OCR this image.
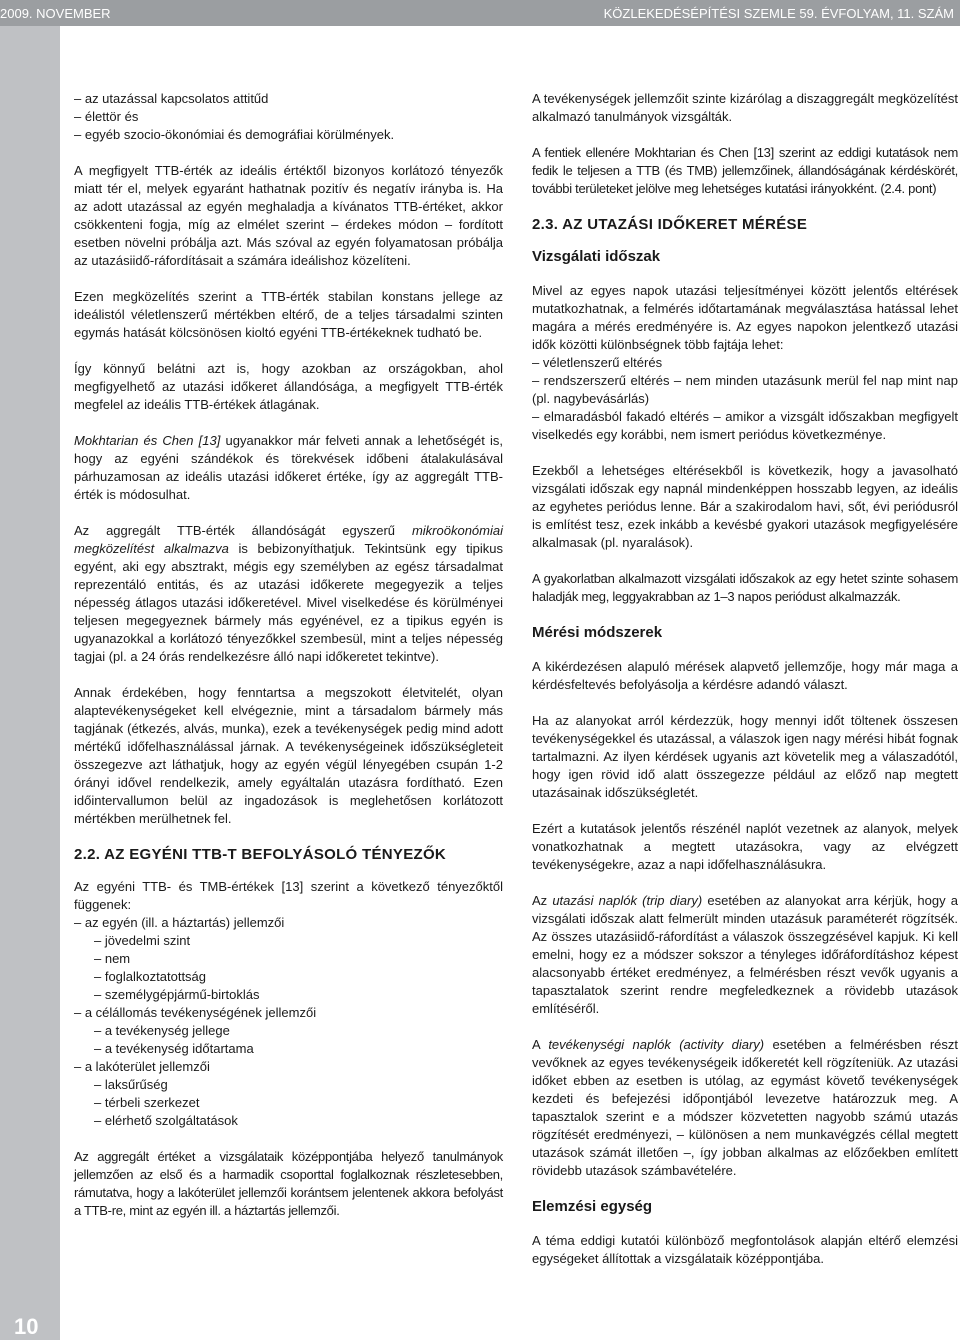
2009. NOVEMBER	KÖZLEKEDÉSÉPÍTÉSI SZEMLE 59. ÉVFOLYAM, 11. SZÁM
10
– az utazással kapcsolatos attitűd
– élettör és
– egyéb szocio-ökonómiai és demográfiai körülmények.

A megfigyelt TTB-érték az ideális értéktől bizonyos korlátozó tényezők miatt tér el, melyek egyaránt hathatnak pozitív és negatív irányba is. Ha az adott utazással az egyén meghaladja a kívánatos TTB-értéket, akkor csökkenteni fogja, míg az elmélet szerint – érdekes módon – fordított esetben növelni próbálja azt. Más szóval az egyén folyamatosan próbálja az utazásiidő-ráfordításait a számára ideálishoz közelíteni.

Ezen megközelítés szerint a TTB-érték stabilan konstans jellege az ideálistól véletlenszerű mértékben eltérő, de a teljes társadalmi szinten egymás hatását kölcsönösen kioltó egyéni TTB-értékeknek tudható be.

Így könnyű belátni azt is, hogy azokban az országokban, ahol megfigyelhető az utazási időkeret állandósága, a megfigyelt TTB-érték megfelel az ideális TTB-értékek átlagának.

Mokhtarian és Chen [13] ugyanakkor már felveti annak a lehetőségét is, hogy az egyéni szándékok és törekvések időbeni átalakulásával párhuzamosan az ideális utazási időkeret értéke, így az aggregált TTB-érték is módosulhat.

Az aggregált TTB-érték állandóságát egyszerű mikroökonómiai megközelítést alkalmazva is bebizonyíthatjuk. Tekintsünk egy tipikus egyént, aki egy absztrakt, mégis egy személyben az egész társadalmat reprezentáló entitás, és az utazási időkerete megegyezik a teljes népesség átlagos utazási időkeretével. Mivel viselkedése és körülményei teljesen megegyeznek bármely más egyénével, ez a tipikus egyén is ugyanazokkal a korlátozó tényezőkkel szembesül, mint a teljes népesség tagjai (pl. a 24 órás rendelkezésre álló napi időkeretet tekintve).

Annak érdekében, hogy fenntartsa a megszokott életvitelét, olyan alaptevékenységeket kell elvégeznie, mint a társadalom bármely más tagjának (étkezés, alvás, munka), ezek a tevékenységek pedig mind adott mértékű időfelhasználással járnak. A tevékenységeinek időszükségleteit összegezve azt láthatjuk, hogy az egyén végül lényegében csupán 1-2 órányi idővel rendelkezik, amely egyáltalán utazásra fordítható. Ezen időintervallumon belül az ingadozások is meglehetősen korlátozott mértékben merülhetnek fel.

2.2. AZ EGYÉNI TTB-T BEFOLYÁSOLÓ TÉNYEZŐK

Az egyéni TTB- és TMB-értékek [13] szerint a következő tényezőktől függenek:

– az egyén (ill. a háztartás) jellemzői
– jövedelmi szint
– nem
– foglalkoztatottság
– személygépjármű-birtoklás
– a célállomás tevékenységének jellemzői
– a tevékenység jellege
– a tevékenység időtartama
– a lakóterület jellemzői
– laksűrűség
– térbeli szerkezet
– elérhető szolgáltatások

Az aggregált értéket a vizsgálataik középpontjába helyező tanulmányok jellemzően az első és a harmadik csoporttal foglalkoznak részletesebben, rámutatva, hogy a lakóterület jellemzői korántsem jelentenek akkora befolyást a TTB-re, mint az egyén ill. a háztartás jellemzői.

A tevékenységek jellemzőit szinte kizárólag a diszaggregált megközelítést alkalmazó tanulmányok vizsgálták.

A fentiek ellenére Mokhtarian és Chen [13] szerint az eddigi kutatások nem fedik le teljesen a TTB (és TMB) jellemzőinek, állandóságának kérdéskörét, további területeket jelölve meg lehetséges kutatási irányokként. (2.4. pont)

2.3. AZ UTAZÁSI IDŐKERET MÉRÉSE
Vizsgálati időszak

Mivel az egyes napok utazási teljesítményei között jelentős eltérések mutatkozhatnak, a felmérés időtartamának megválasztása hatással lehet magára a mérés eredményére is. Az egyes napokon jelentkező utazási idők közötti különbségnek több fajtája lehet:

– véletlenszerű eltérés
– rendszerszerű eltérés – nem minden utazásunk merül fel nap mint nap (pl. nagybevásárlás)
– elmaradásból fakadó eltérés – amikor a vizsgált időszakban megfigyelt viselkedés egy korábbi, nem ismert periódus következménye.

Ezekből a lehetséges eltérésekből is következik, hogy a javasolható vizsgálati időszak egy napnál mindenképpen hosszabb legyen, az ideális az egyhetes periódus lenne. Bár a szakirodalom havi, sőt, évi periódusról is említést tesz, ezek inkább a kevésbé gyakori utazások megfigyelésére alkalmasak (pl. nyaralások).

A gyakorlatban alkalmazott vizsgálati időszakok az egy hetet szinte sohasem haladják meg, leggyakrabban az 1–3 napos periódust alkalmazzák.

Mérési módszerek

A kikérdezésen alapuló mérések alapvető jellemzője, hogy már maga a kérdésfeltevés befolyásolja a kérdésre adandó választ.

Ha az alanyokat arról kérdezzük, hogy mennyi időt töltenek összesen tevékenységekkel és utazással, a válaszok igen nagy mérési hibát fognak tartalmazni. Az ilyen kérdések ugyanis azt követelik meg a válaszadótól, hogy igen rövid idő alatt összegezze például az előző nap megtett utazásainak időszükségletét.

Ezért a kutatások jelentős részénél naplót vezetnek az alanyok, melyek vonatkozhatnak a megtett utazásokra, vagy az elvégzett tevékenységekre, azaz a napi időfelhasználásukra.

Az utazási naplók (trip diary) esetében az alanyokat arra kérjük, hogy a vizsgálati időszak alatt felmerült minden utazásuk paraméterét rögzítsék. Az összes utazásiidő-ráfordítást a válaszok összegzésével kapjuk. Ki kell emelni, hogy ez a módszer sokszor a tényleges időráfordításhoz képest alacsonyabb értéket eredményez, a felmérésben részt vevők ugyanis a tapasztalatok szerint rendre megfeledkeznek a rövidebb utazások említéséről.

A tevékenységi naplók (activity diary) esetében a felmérésben részt vevőknek az egyes tevékenységeik időkeretét kell rögzíteniük. Az utazási időket ebben az esetben is utólag, az egymást követő tevékenységek kezdeti és befejezési időpontjából levezetve határozzuk meg. A tapasztalok szerint e a módszer közvetetten nagyobb számú utazás rögzítését eredményezi, – különösen a nem munkavégzés céllal megtett utazások számát illetően –, így jobban alkalmas az előzőekben említett rövidebb utazások számbavételére.

Elemzési egység

A téma eddigi kutatói különböző megfontolások alapján eltérő elemzési egységeket állítottak a vizsgálataik középpontjába.
